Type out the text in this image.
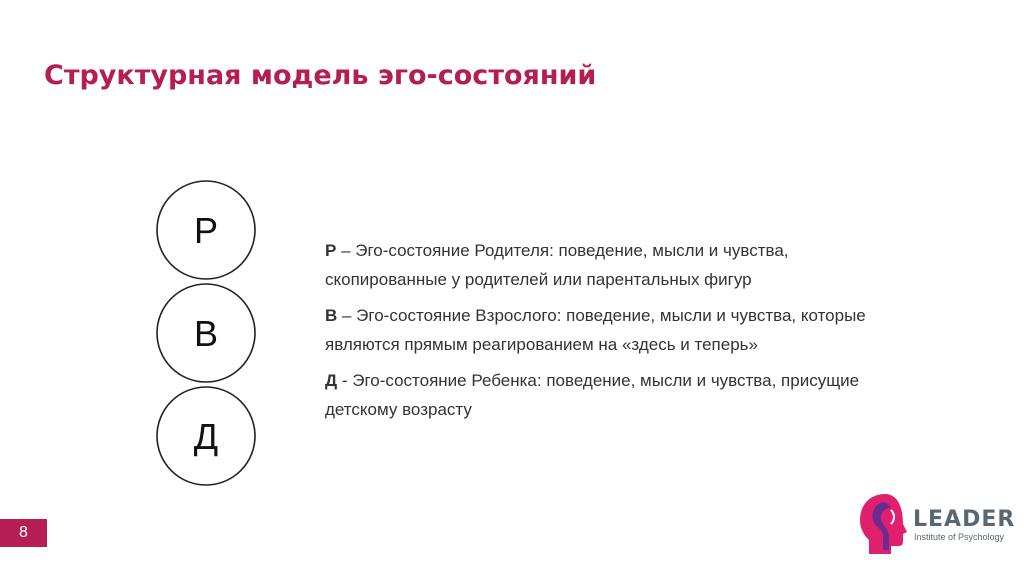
Структурная модель эго-состояний
Р
В
Д

Р – Эго-состояние Родителя: поведение, мысли и чувства, скопированные у родителей или парентальных фигур

В – Эго-состояние Взрослого: поведение, мысли и чувства, которые являются прямым реагированием на «здесь и теперь»

Д - Эго-состояние Ребенка: поведение, мысли и чувства, присущие детскому возрасту

8
LEADER
Institute of Psychology
